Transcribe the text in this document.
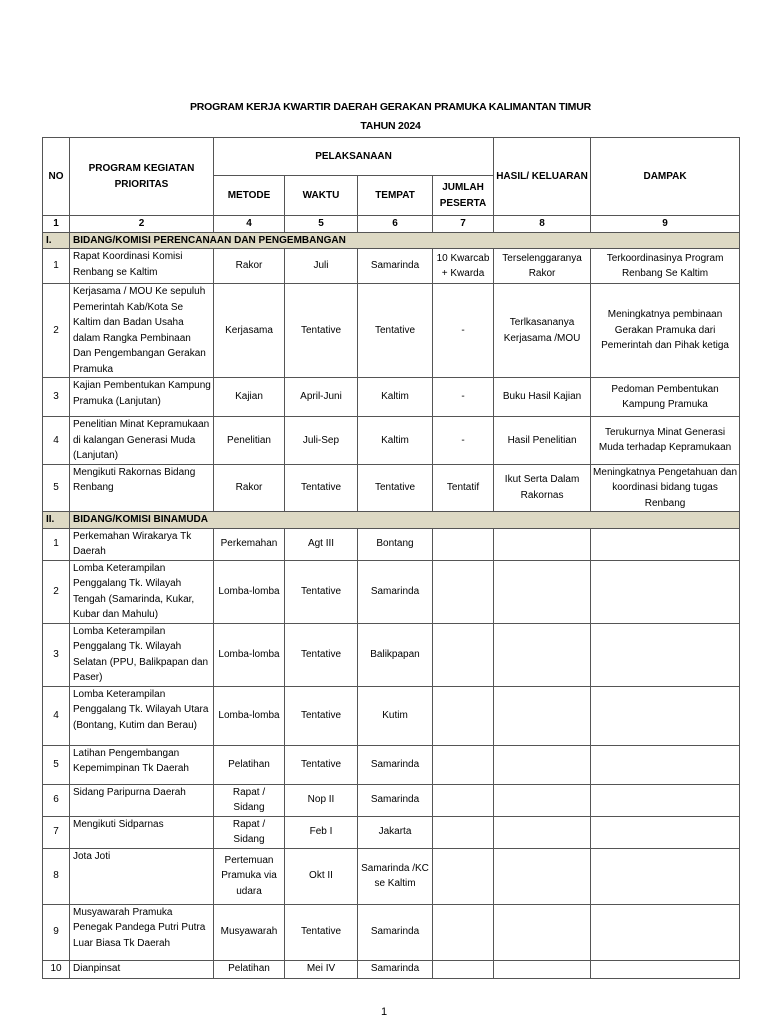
PROGRAM KERJA KWARTIR DAERAH GERAKAN PRAMUKA KALIMANTAN TIMUR
TAHUN 2024
NO	PROGRAM KEGIATAN PRIORITAS	PELAKSANAAN				HASIL/ KELUARAN	DAMPAK
		METODE	WAKTU	TEMPAT	JUMLAH PESERTA		
1	2	4	5	6	7	8	9
I.	BIDANG/KOMISI PERENCANAAN DAN PENGEMBANGAN						
1	Rapat Koordinasi Komisi Renbang se Kaltim	Rakor	Juli	Samarinda	10 Kwarcab + Kwarda	Terselenggaranya Rakor	Terkoordinasinya Program Renbang Se Kaltim
2	Kerjasama / MOU Ke sepuluh Pemerintah Kab/Kota Se Kaltim dan Badan Usaha dalam Rangka Pembinaan Dan Pengembangan Gerakan Pramuka	Kerjasama	Tentative	Tentative	-	Terlkasananya Kerjasama /MOU	Meningkatnya pembinaan Gerakan Pramuka dari Pemerintah dan Pihak ketiga
3	Kajian Pembentukan Kampung Pramuka (Lanjutan)	Kajian	April-Juni	Kaltim	-	Buku Hasil Kajian	Pedoman Pembentukan Kampung Pramuka
4	Penelitian Minat Kepramukaan di kalangan Generasi Muda (Lanjutan)	Penelitian	Juli-Sep	Kaltim	-	Hasil Penelitian	Terukurnya Minat Generasi Muda terhadap Kepramukaan
5	Mengikuti Rakornas Bidang Renbang	Rakor	Tentative	Tentative	Tentatif	Ikut Serta Dalam Rakornas	Meningkatnya Pengetahuan dan koordinasi bidang tugas Renbang
II.	BIDANG/KOMISI BINAMUDA						
1	Perkemahan Wirakarya Tk Daerah	Perkemahan	Agt III	Bontang			
2	Lomba Keterampilan Penggalang Tk. Wilayah Tengah (Samarinda, Kukar, Kubar dan Mahulu)	Lomba-lomba	Tentative	Samarinda			
3	Lomba Keterampilan Penggalang Tk. Wilayah Selatan (PPU, Balikpapan dan Paser)	Lomba-lomba	Tentative	Balikpapan			
4	Lomba Keterampilan Penggalang Tk. Wilayah Utara (Bontang, Kutim dan Berau)	Lomba-lomba	Tentative	Kutim			
5	Latihan Pengembangan Kepemimpinan Tk Daerah	Pelatihan	Tentative	Samarinda			
6	Sidang Paripurna Daerah	Rapat / Sidang	Nop II	Samarinda			
7	Mengikuti Sidparnas	Rapat / Sidang	Feb I	Jakarta			
8	Jota Joti	Pertemuan Pramuka via udara	Okt II	Samarinda /KC se Kaltim			
9	Musyawarah Pramuka Penegak Pandega Putri Putra Luar Biasa Tk Daerah	Musyawarah	Tentative	Samarinda			
10	Dianpinsat	Pelatihan	Mei IV	Samarinda			
1
